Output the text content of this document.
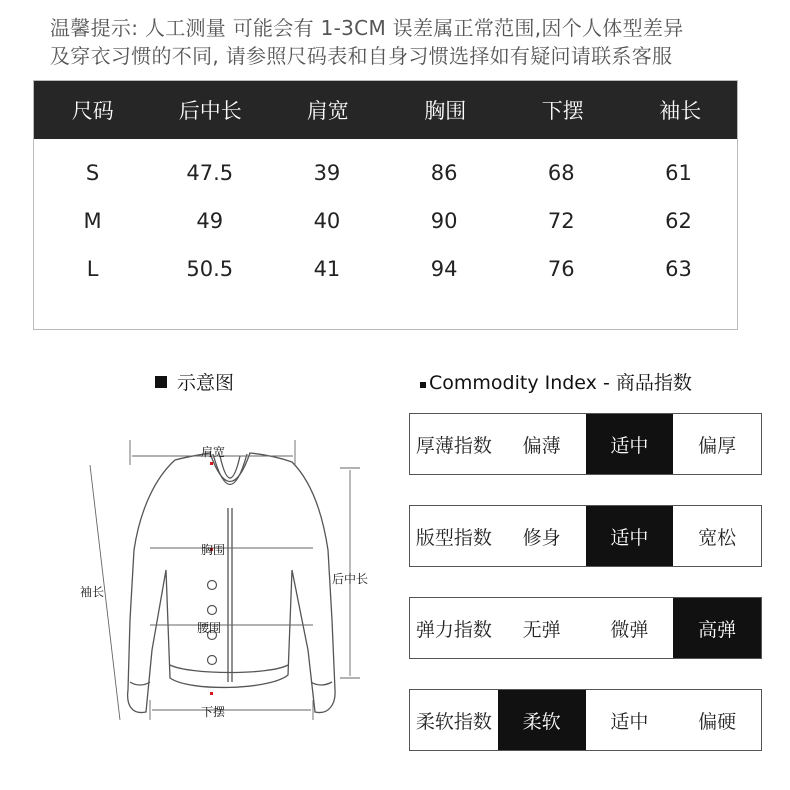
温馨提示: 人工测量 可能会有 1-3CM 误差属正常范围,因个人体型差异
及穿衣习惯的不同, 请参照尺码表和自身习惯选择如有疑问请联系客服
尺码	后中长	肩宽	胸围	下摆	袖长
S	47.5	39	86	68	61
M	49	40	90	72	62
L	50.5	41	94	76	63
示意图	Commodity Index - 商品指数
肩宽
胸围
腰围
下摆
袖长
后中长
厚薄指数	偏薄	适中	偏厚
版型指数	修身	适中	宽松
弹力指数	无弹	微弹	高弹
柔软指数	柔软	适中	偏硬
